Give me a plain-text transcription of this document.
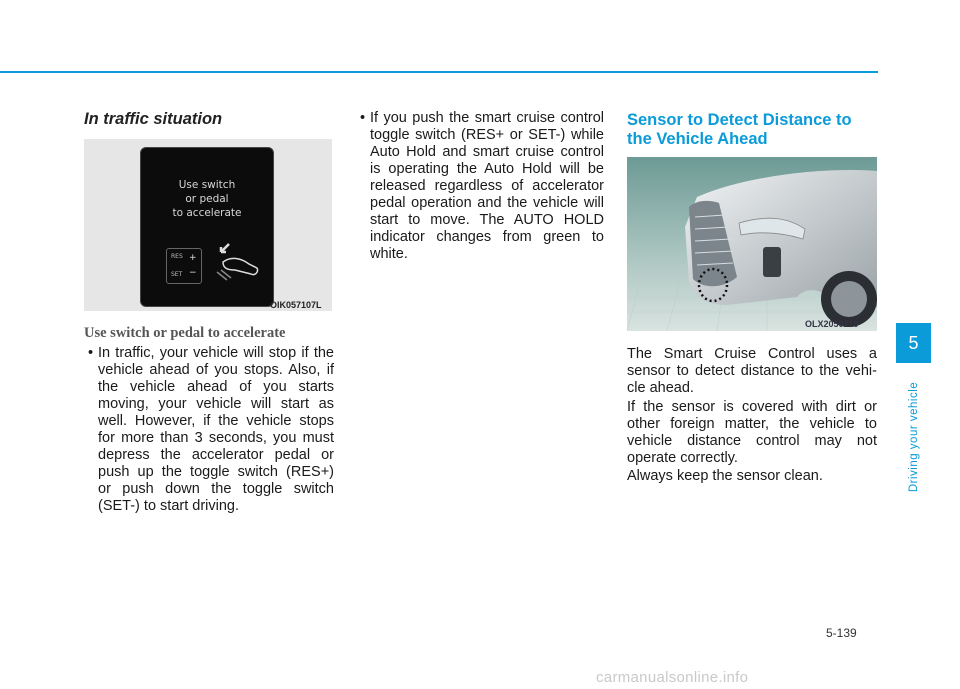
In traffic situation
Use switch
or pedal
to accelerate
RES +
SET −
OIK057107L
Use switch or pedal to accelerate
• In traffic, your vehicle will stop if the
vehicle ahead of you stops. Also, if
the vehicle ahead of you starts
moving, your vehicle will start as
well. However, if the vehicle stops
for more than 3 seconds, you must
depress the accelerator pedal or
push up the toggle switch (RES+)
or push down the toggle switch
(SET-) to start driving.
• If you push the smart cruise control
toggle switch (RES+ or SET-) while
Auto Hold and smart cruise control
is operating the Auto Hold will be
released regardless of accelerator
pedal operation and the vehicle will
start to move. The AUTO HOLD
indicator changes from green to
white.
Sensor to Detect Distance to
the Vehicle Ahead
OLX2050219
The Smart Cruise Control uses a
sensor to detect distance to the vehi-
cle ahead.
If the sensor is covered with dirt or
other foreign matter, the vehicle to
vehicle distance control may not
operate correctly.
Always keep the sensor clean.
5
Driving your vehicle
5-139
carmanualsonline.info
